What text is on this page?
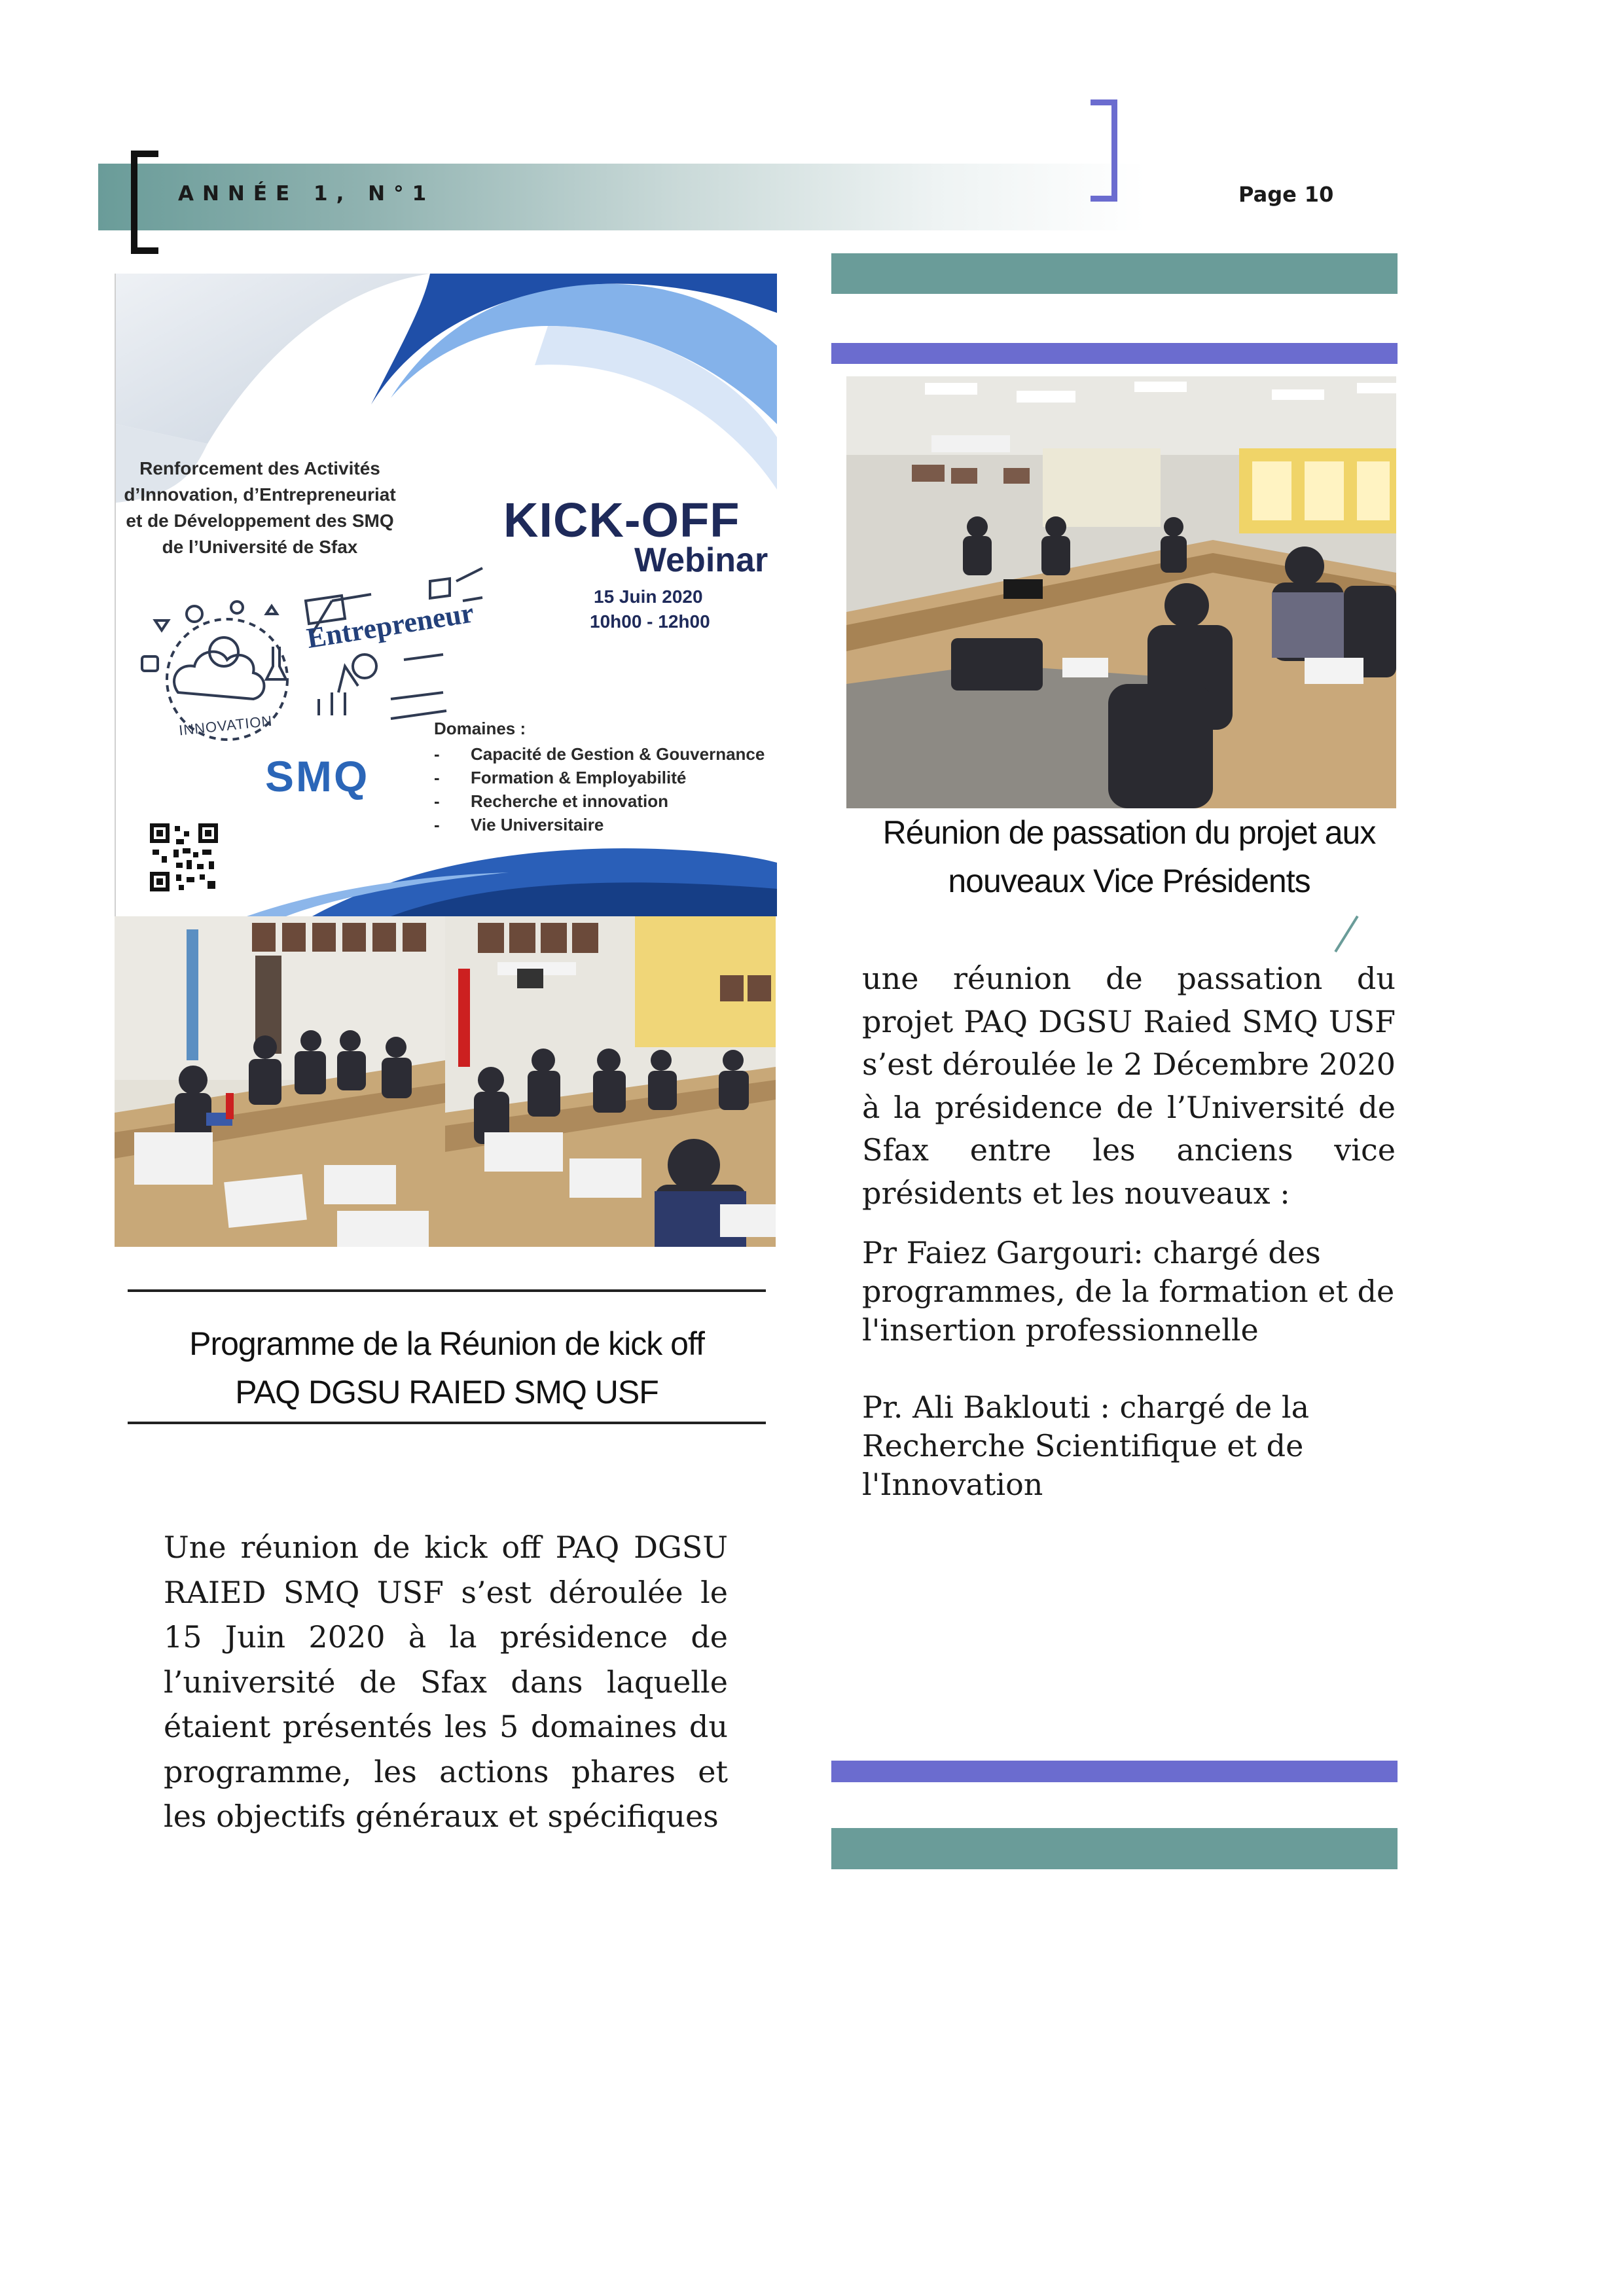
ANNÉE 1, N°1	Page 10
Renforcement des Activités
d’Innovation, d’Entrepreneuriat
et de Développement des SMQ
de l’Université de Sfax	KICK-OFF
Webinar
15 Juin 2020
10h00 - 12h00
Entrepreneur
INNOVATION
SMQ
Domaines :
- Capacité de Gestion & Gouvernance
- Formation & Employabilité
- Recherche et innovation
- Vie Universitaire
Programme de la Réunion de kick off
PAQ DGSU RAIED SMQ USF
Une réunion de kick off PAQ DGSU RAIED SMQ USF s’est déroulée le 15 Juin 2020 à la présidence de l’université de Sfax dans laquelle étaient présentés les 5 domaines du programme, les actions phares et les objectifs généraux et spécifiques
Réunion de passation du projet aux
nouveaux Vice Présidents
une réunion de passation du projet PAQ DGSU Raied SMQ USF s’est déroulée le 2 Décembre 2020 à la présidence de l’Université de Sfax entre les anciens vice présidents et les nouveaux :

Pr Faiez Gargouri: chargé des

programmes, de la formation et de

l'insertion professionnelle

Pr. Ali Baklouti : chargé de la

Recherche Scientifique et de

l'Innovation
